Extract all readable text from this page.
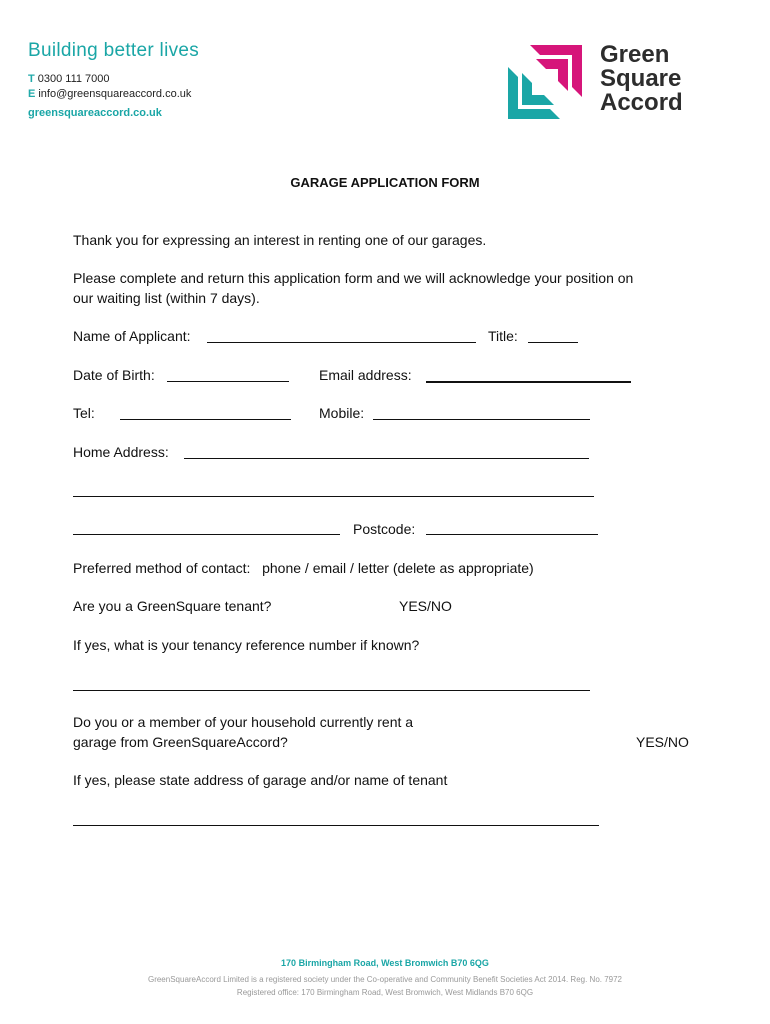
Building better lives
T 0300 111 7000
E info@greensquareaccord.co.uk
greensquareaccord.co.uk
Green
Square
Accord
GARAGE APPLICATION FORM
Thank you for expressing an interest in renting one of our garages.
Please complete and return this application form and we will acknowledge your position on
our waiting list (within 7 days).
Name of Applicant:	Title:
Date of Birth:	Email address:
Tel:	Mobile:
Home Address:
Postcode:
Preferred method of contact:   phone / email / letter (delete as appropriate)
Are you a GreenSquare tenant?	YES/NO
If yes, what is your tenancy reference number if known?
Do you or a member of your household currently rent a
garage from GreenSquareAccord?	YES/NO
If yes, please state address of garage and/or name of tenant
170 Birmingham Road, West Bromwich B70 6QG
GreenSquareAccord Limited is a registered society under the Co-operative and Community Benefit Societies Act 2014. Reg. No. 7972
Registered office: 170 Birmingham Road, West Bromwich, West Midlands B70 6QG
